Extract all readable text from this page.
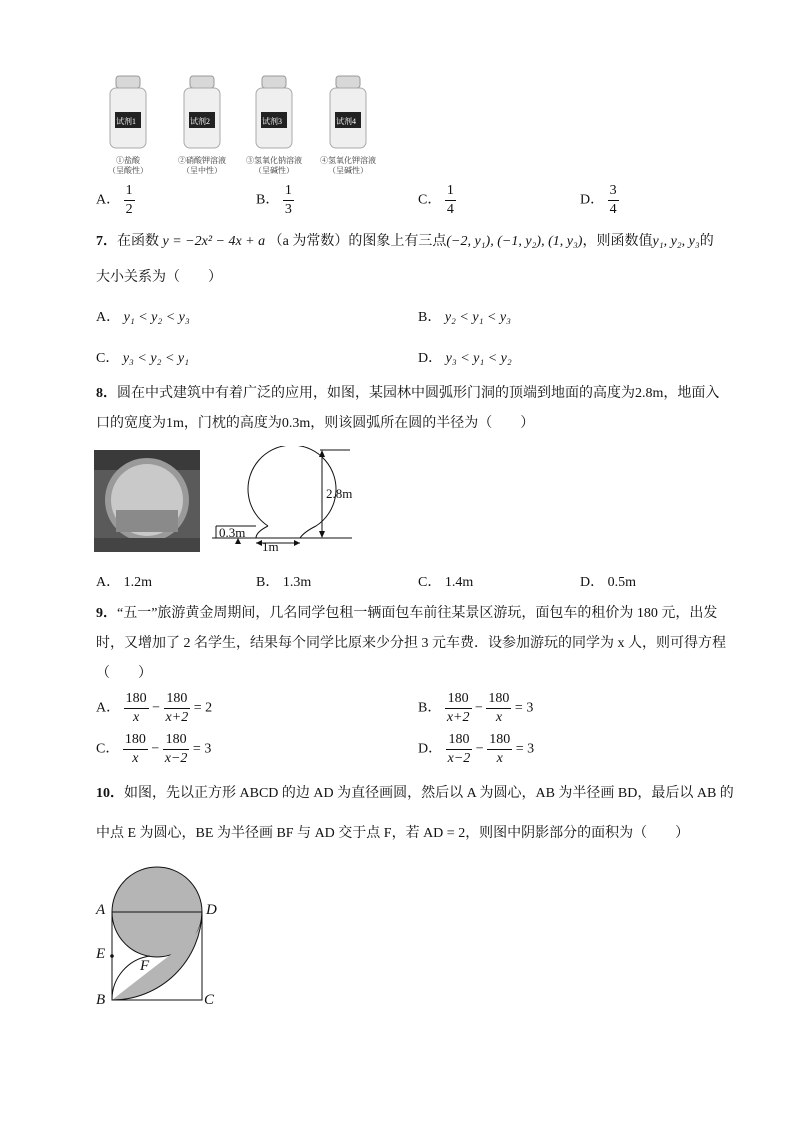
试剂1	试剂2	试剂3	试剂4
①盐酸
（呈酸性）
②硝酸钾溶液
（呈中性）
③氢氧化钠溶液
（呈碱性）
④氢氧化钾溶液
（呈碱性）
A． $\frac{1}{2}$	B． $\frac{1}{3}$	C． $\frac{1}{4}$	D． $\frac{3}{4}$
7．在函数 y = −2x² − 4x + a （a 为常数）的图象上有三点(−2, y₁), (−1, y₂), (1, y₃)，则函数值y₁, y₂, y₃的
大小关系为（　　）
A． y₁ < y₂ < y₃	B． y₂ < y₁ < y₃
C． y₃ < y₂ < y₁	D． y₃ < y₁ < y₂
8．圆在中式建筑中有着广泛的应用，如图，某园林中圆弧形门洞的顶端到地面的高度为2.8m，地面入
口的宽度为1m，门枕的高度为0.3m，则该圆弧所在圆的半径为（　　）
2.8m
0.3m
1m
A． 1.2m	B． 1.3m	C． 1.4m	D． 0.5m
9．“五一”旅游黄金周期间，几名同学包租一辆面包车前往某景区游玩，面包车的租价为 180 元，出发
时，又增加了 2 名学生，结果每个同学比原来少分担 3 元车费．设参加游玩的同学为 x 人，则可得方程
（　　）
A． $\frac{180}{x} - \frac{180}{x+2} = 2$	B． $\frac{180}{x+2} - \frac{180}{x} = 3$
C． $\frac{180}{x} - \frac{180}{x-2} = 3$	D． $\frac{180}{x-2} - \frac{180}{x} = 3$
10．如图，先以正方形 ABCD 的边 AD 为直径画圆，然后以 A 为圆心，AB 为半径画 BD，最后以 AB 的
中点 E 为圆心，BE 为半径画 BF 与 AD 交于点 F，若 AD = 2，则图中阴影部分的面积为（　　）
A	D
E
F
B	C
